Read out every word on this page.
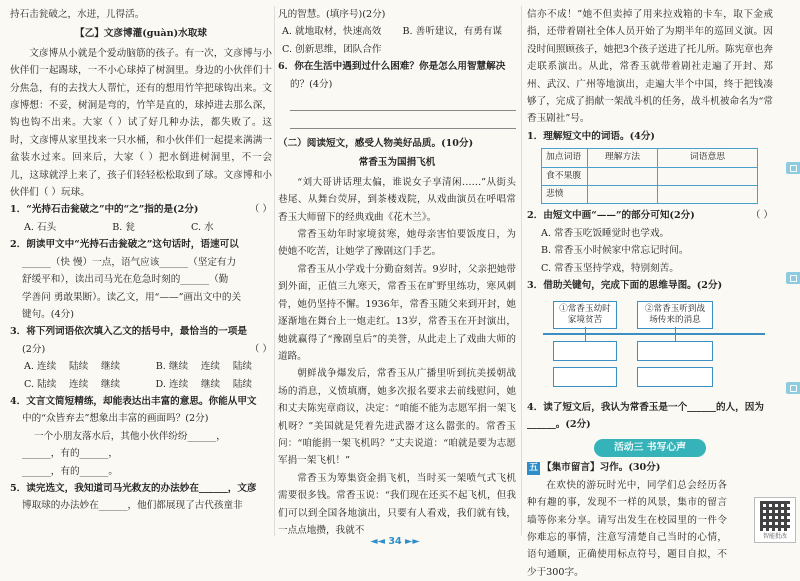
持石击瓮破之，水迸，儿得活。
【乙】文彦博灌(guàn)水取球
文彦博从小就是个爱动脑筋的孩子。有一次，文彦博与小伙伴们一起踢球，一不小心球掉了树洞里。身边的小伙伴们十分焦急，有的去找大人帮忙，还有的想用竹竿把球钩出来。文彦博想：不妥，树洞是弯的，竹竿是直的，球掉进去那么深，钩也钩不出来。大家（ ）试了好几种办法，都失败了。这时，文彦博从家里找来一只水桶，和小伙伴们一起提来满满一盆装水过来。回来后，大家（ ）把水倒进树洞里，不一会儿，这球就浮上来了，孩子们轻轻松松取到了球。文彦博和小伙伴们（ ）玩球。
1．“光持石击瓮破之”中的“之”指的是(2分)	（ ）
A. 石头	B. 瓮	C. 水
2．朗读甲文中“光持石击瓮破之”这句话时，语速可以
______（快 慢）一点，语气应该______（坚定有力
舒缓平和），读出司马光在危急时刻的______（勤
学善问 勇敢果断）。读乙文，用“——”画出文中的关
键句。(4分)
3．将下列词语依次填入乙文的括号中，最恰当的一项是
(2分)	（ ）
A. 连续 陆续 继续	B. 继续 连续 陆续
C. 陆续 连续 继续	D. 连续 继续 陆续
4．文言文简短精练，却能表达出丰富的意思。你能从甲文
中的“众皆弃去”想象出丰富的画面吗？(2分)
一个小朋友落水后，其他小伙伴纷纷______，
______，有的______，
______，有的______。
5．读完选文，我知道司马光救友的办法妙在______，文彦
博取球的办法妙在______，他们都展现了古代孩童非
凡的智慧。(填序号)(2分)
A. 就地取材，快速高效 B. 善听建议，有勇有谋
C. 创新思维，团队合作
6．你在生活中遇到过什么困难？你是怎么用智慧解决
的？(4分)
（二）阅读短文，感受人物美好品质。(10分)
常香玉为国捐飞机
“刘大哥讲话理太偏，谁说女子享清闲……”从街头巷尾、从舞台荧屏，到茶楼戏院，从戏曲演员在呼唱常香玉大师留下的经典戏曲《花木兰》。
常香玉幼年时家境贫寒，她母亲害怕要饭度日，为使她不吃苦，让她学了豫剧这门手艺。
常香玉从小学戏十分勤奋刻苦。9岁时，父亲把她带到外面，正值三九寒天，常香玉在旷野里练功，寒风刺骨，她仍坚持不懈。1936年，常香玉随父来到开封，她逐渐地在舞台上一炮走红。13岁，常香玉在开封演出，她就赢得了“豫剧皇后”的美誉，从此走上了戏曲大师的道路。
朝鲜战争爆发后，常香玉从广播里听到抗美援朝战场的消息，义愤填膺，她多次报名要求去前线慰问，她和丈夫陈宪章商议，决定：“咱能不能为志愿军捐一架飞机呀？”美国就是凭着先进武器才这么嚣张的。常香玉问：“咱能捐一架飞机吗？”丈夫说道：“咱就是要为志愿军捐一架飞机！”
常香玉为筹集资金捐飞机，当时买一架喷气式飞机需要很多钱。常香玉说：“我们现在还买不起飞机，但我们可以到全国各地演出，只要有人看戏，我们就有钱，一点点地攒，我就不
信亦不成！”她不但卖掉了用来拉戏箱的卡车，取下金戒指，还带着剧社全体人员开始了为期半年的巡回义演。因没时间照顾孩子，她把3个孩子送进了托儿所。陈宪章也奔走联系演出。从此，常香玉就带着剧社走遍了开封、郑州、武汉、广州等地演出，走遍大半个中国，终于把钱凑够了，完成了捐献一架战斗机的任务，战斗机被命名为“常香玉剧社”号。
1．理解短文中的词语。(4分)
加点词语	理解方法	词语意思
食不果腹		
悲愤		
2．由短文中画“——”的部分可知(2分)	（ ）
A. 常香玉吃饭睡觉时也学戏。
B. 常香玉小时候家中常忘记时间。
C. 常香玉坚持学戏，特别刻苦。
3．借助关键句，完成下面的思维导图。(2分)
①常香玉幼时家境贫苦
②常香玉听到战场传来的消息
4．读了短文后，我认为常香玉是一个______的人，因为______。(2分)
活动三 书写心声
五 【集市留言】习作。(30分)
在欢快的游玩时光中，同学们总会经历各种有趣的事，发现不一样的风景，集市的留言墙等你来分享。请写出发生在校园里的一件令你难忘的事情，注意写清楚自己当时的心情，语句通顺，正确使用标点符号，题目自拟，不少于300字。
智能批改
◄◄ 34 ►►
